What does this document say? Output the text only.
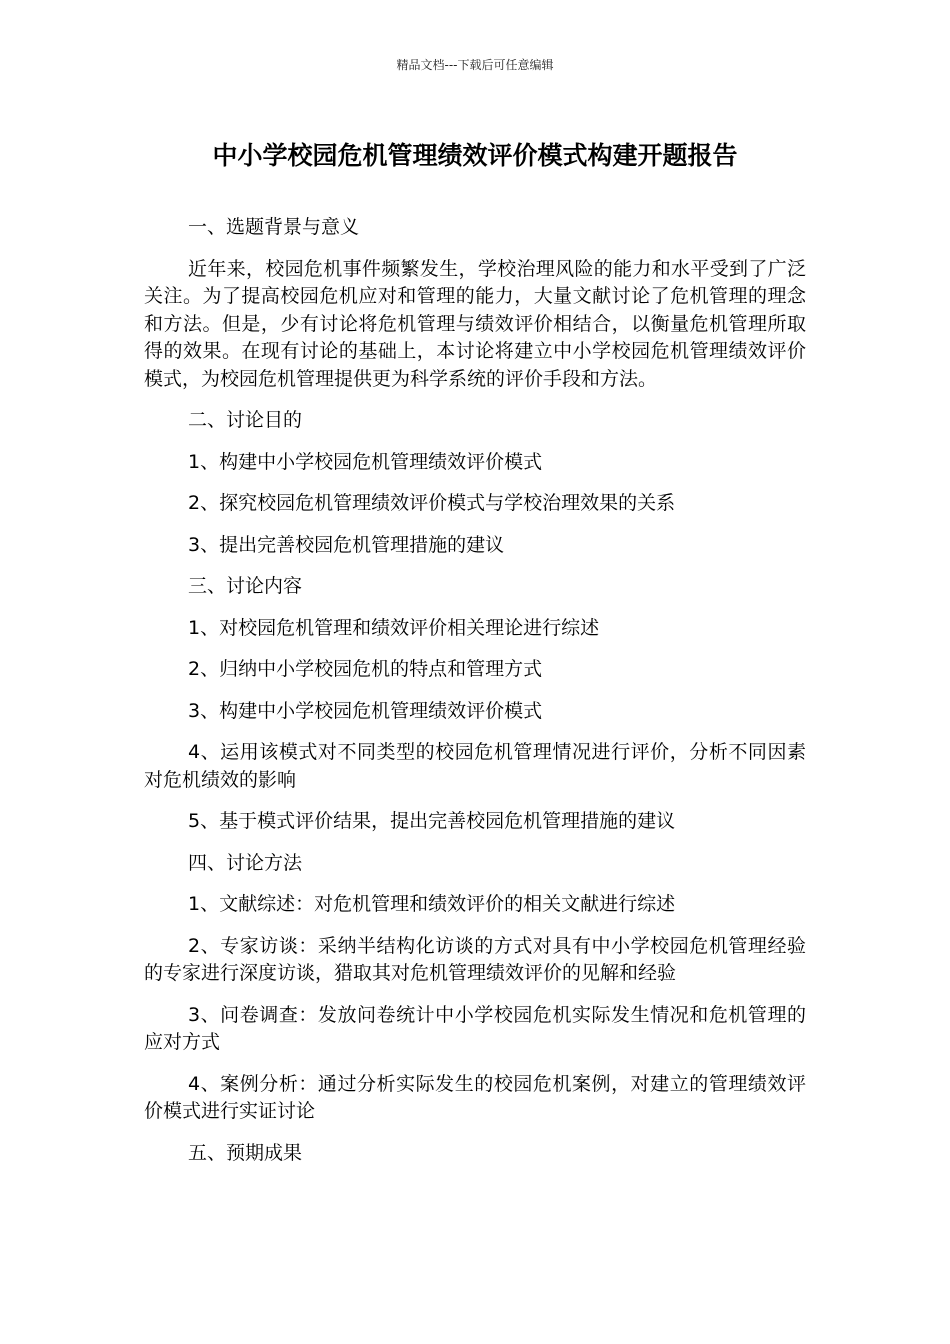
精品文档---下载后可任意编辑
中小学校园危机管理绩效评价模式构建开题报告

一、选题背景与意义

近年来，校园危机事件频繁发生，学校治理风险的能力和水平受到了广泛关注。为了提高校园危机应对和管理的能力，大量文献讨论了危机管理的理念和方法。但是，少有讨论将危机管理与绩效评价相结合，以衡量危机管理所取得的效果。在现有讨论的基础上，本讨论将建立中小学校园危机管理绩效评价模式，为校园危机管理提供更为科学系统的评价手段和方法。

二、讨论目的

1、构建中小学校园危机管理绩效评价模式

2、探究校园危机管理绩效评价模式与学校治理效果的关系

3、提出完善校园危机管理措施的建议

三、讨论内容

1、对校园危机管理和绩效评价相关理论进行综述

2、归纳中小学校园危机的特点和管理方式

3、构建中小学校园危机管理绩效评价模式

4、运用该模式对不同类型的校园危机管理情况进行评价，分析不同因素对危机绩效的影响

5、基于模式评价结果，提出完善校园危机管理措施的建议

四、讨论方法

1、文献综述：对危机管理和绩效评价的相关文献进行综述

2、专家访谈：采纳半结构化访谈的方式对具有中小学校园危机管理经验的专家进行深度访谈，猎取其对危机管理绩效评价的见解和经验

3、问卷调查：发放问卷统计中小学校园危机实际发生情况和危机管理的应对方式

4、案例分析：通过分析实际发生的校园危机案例，对建立的管理绩效评价模式进行实证讨论

五、预期成果
